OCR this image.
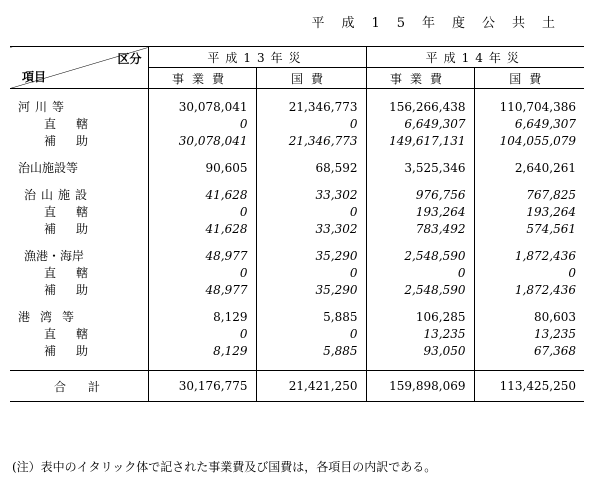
平成15年度公共土
区分
項目	平成13年災		平成14年災	
	事業費	国費	事業費	国費

河川等	30,078,041	21,346,773	156,266,438	110,704,386
直轄	0	0	6,649,307	6,649,307
補助	30,078,041	21,346,773	149,617,131	104,055,079

治山施設等	90,605	68,592	3,525,346	2,640,261

治山施設	41,628	33,302	976,756	767,825
直轄	0	0	193,264	193,264
補助	41,628	33,302	783,492	574,561

漁港・海岸	48,977	35,290	2,548,590	1,872,436
直轄	0	0	0	0
補助	48,977	35,290	2,548,590	1,872,436

港湾等	8,129	5,885	106,285	80,603
直轄	0	0	13,235	13,235
補助	8,129	5,885	93,050	67,368

合計	30,176,775	21,421,250	159,898,069	113,425,250
(注）表中のイタリック体で記された事業費及び国費は，各項目の内訳である。
